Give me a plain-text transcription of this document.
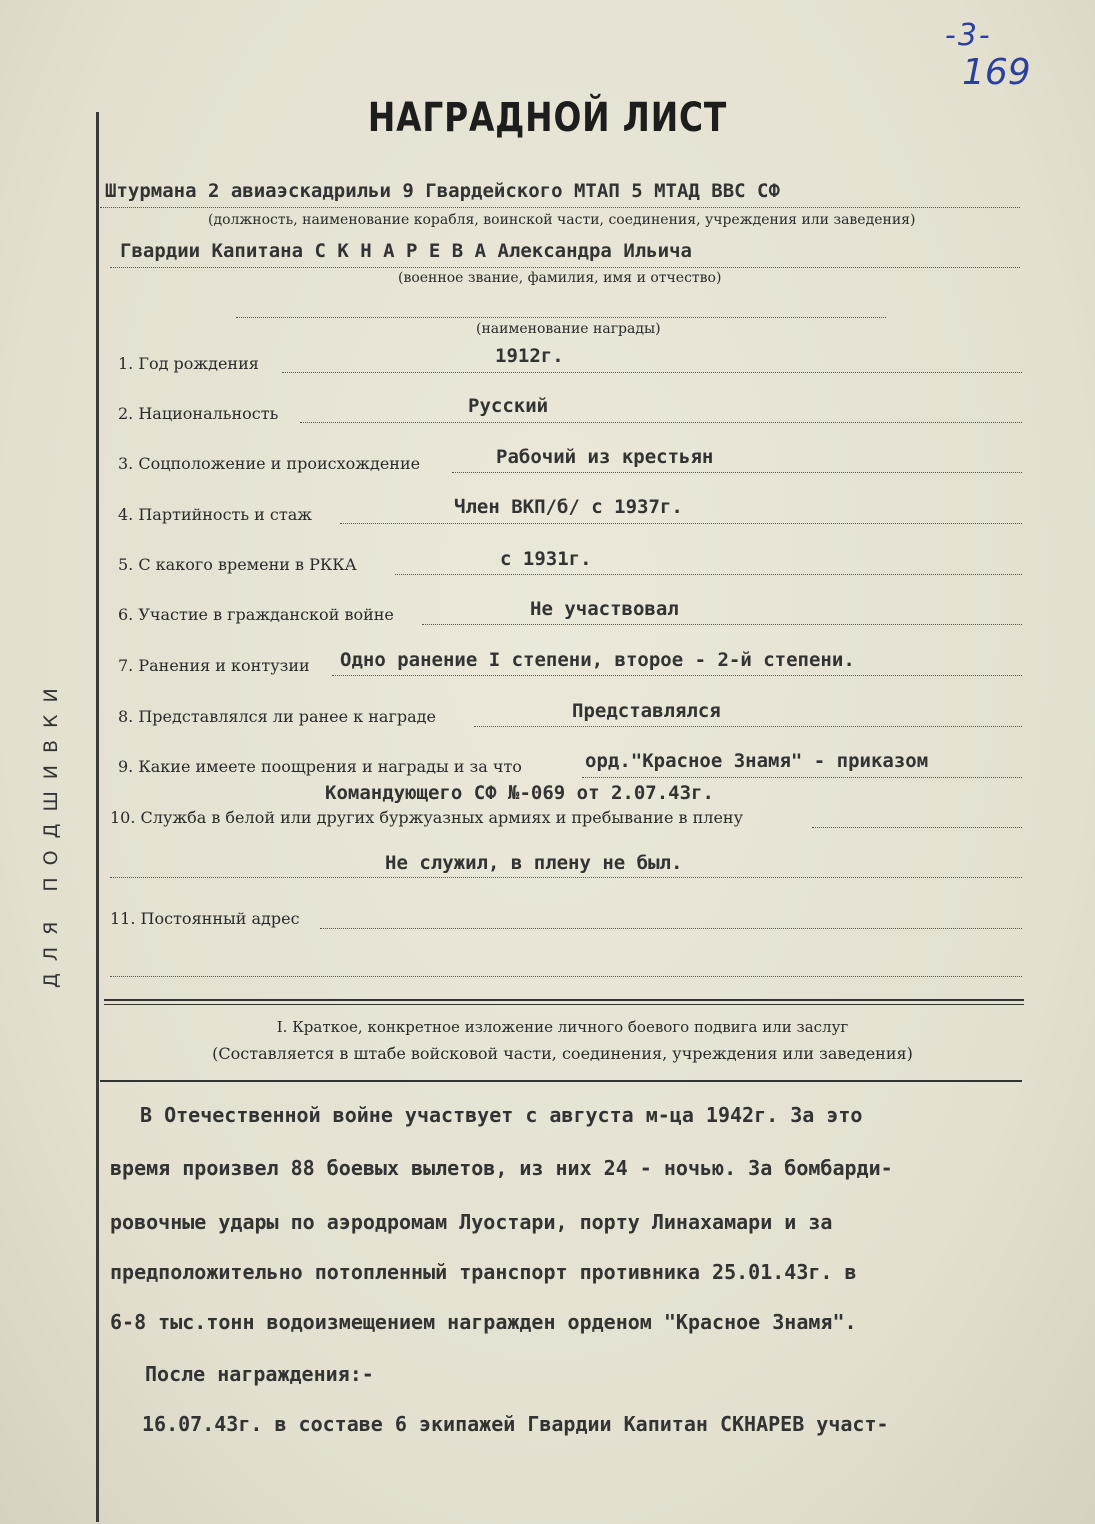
-3-
169
НАГРАДНОЙ ЛИСТ
ДЛЯ ПОДШИВКИ
Штурмана 2 авиаэскадрильи 9 Гвардейского МТАП 5 МТАД ВВС СФ
(должность, наименование корабля, воинской части, соединения, учреждения или заведения)
Гвардии Капитана С К Н А Р Е В А Александра Ильича
(военное звание, фамилия, имя и отчество)
(наименование награды)
1. Год рождения	1912г.
2. Национальность	Русский
3. Соцположение и происхождение	Рабочий из крестьян
4. Партийность и стаж	Член ВКП/б/ с 1937г.
5. С какого времени в РККА	с 1931г.
6. Участие в гражданской войне	Не участвовал
7. Ранения и контузии Одно ранение I степени, второе - 2-й степени.
8. Представлялся ли ранее к награде	Представлялся
9. Какие имеете поощрения и награды и за что	орд."Красное Знамя" - приказом
Командующего СФ №-069 от 2.07.43г.
10. Служба в белой или других буржуазных армиях и пребывание в плену
Не служил, в плену не был.
11. Постоянный адрес
I. Краткое, конкретное изложение личного боевого подвига или заслуг
(Составляется в штабе войсковой части, соединения, учреждения или заведения)
В Отечественной войне участвует с августа м-ца 1942г. За это
время произвел 88 боевых вылетов, из них 24 - ночью. За бомбарди-
ровочные удары по аэродромам Луостари, порту Линахамари и за
предположительно потопленный транспорт противника 25.01.43г. в
6-8 тыс.тонн водоизмещением награжден орденом "Красное Знамя".
После награждения:-
16.07.43г. в составе 6 экипажей Гвардии Капитан СКНАРЕВ участ-
